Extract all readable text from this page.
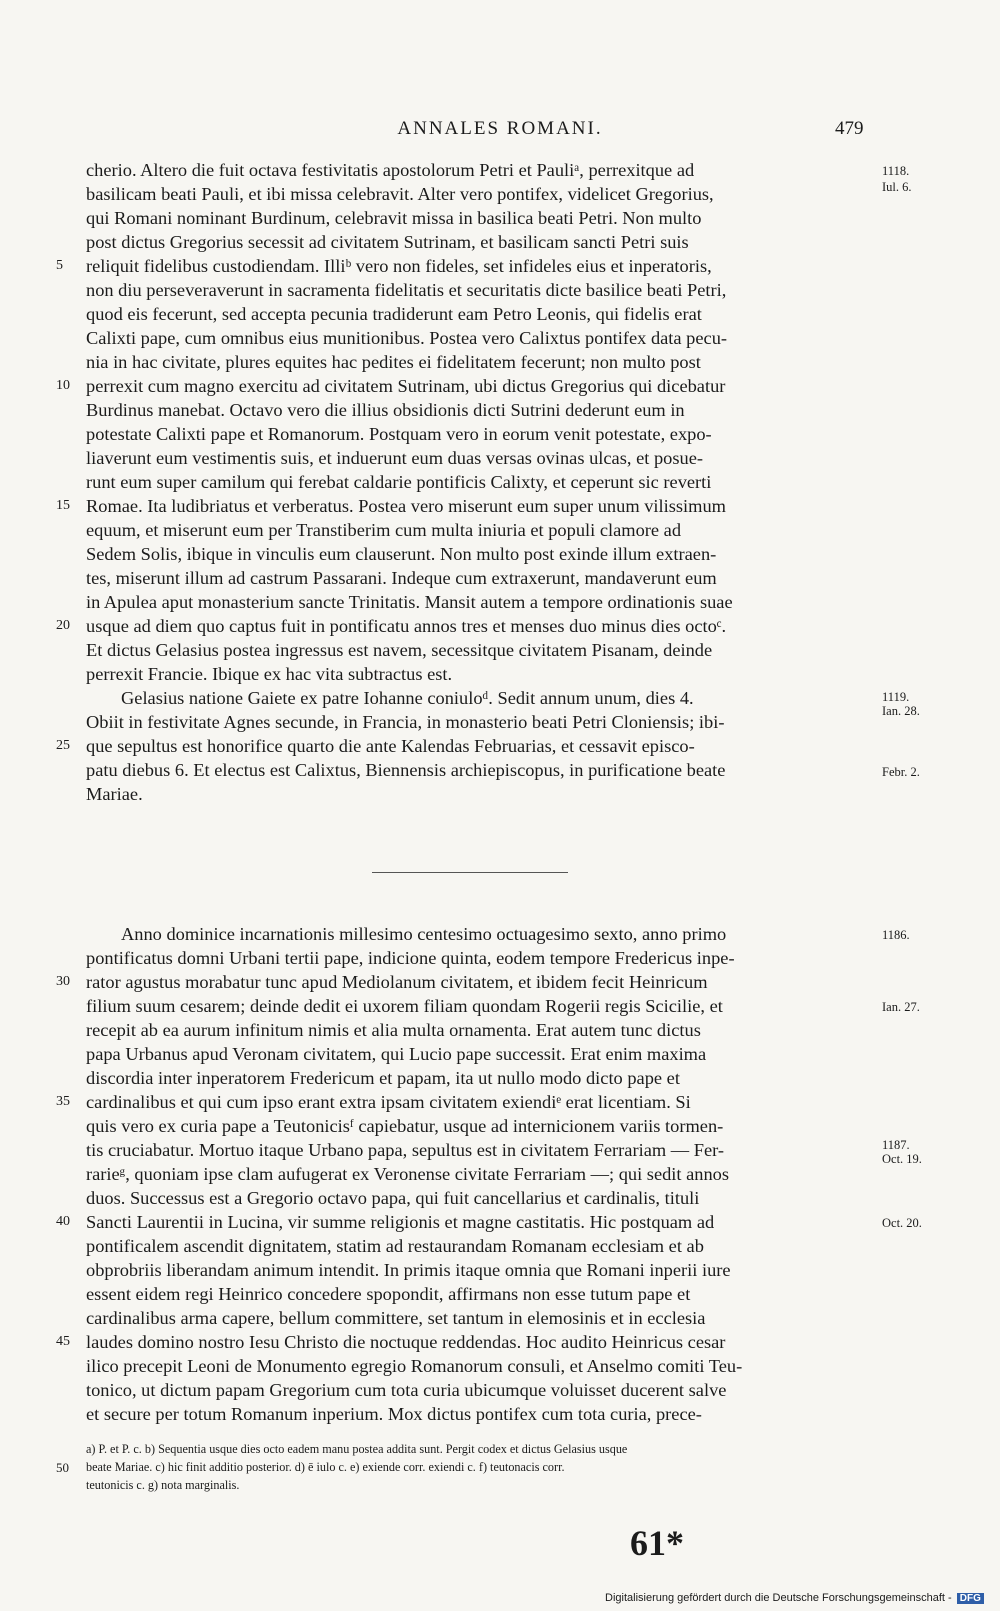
ANNALES ROMANI.	479
cherio. Altero die fuit octava festivitatis apostolorum Petri et Pauliᵃ, perrexitque ad
basilicam beati Pauli, et ibi missa celebravit. Alter vero pontifex, videlicet Gregorius,
qui Romani nominant Burdinum, celebravit missa in basilica beati Petri. Non multo
post dictus Gregorius secessit ad civitatem Sutrinam, et basilicam sancti Petri suis
reliquit fidelibus custodiendam. Illiᵇ vero non fideles, set infideles eius et inperatoris,
non diu perseveraverunt in sacramenta fidelitatis et securitatis dicte basilice beati Petri,
quod eis fecerunt, sed accepta pecunia tradiderunt eam Petro Leonis, qui fidelis erat
Calixti pape, cum omnibus eius munitionibus. Postea vero Calixtus pontifex data pecu-
nia in hac civitate, plures equites hac pedites ei fidelitatem fecerunt; non multo post
perrexit cum magno exercitu ad civitatem Sutrinam, ubi dictus Gregorius qui dicebatur
Burdinus manebat. Octavo vero die illius obsidionis dicti Sutrini dederunt eum in
potestate Calixti pape et Romanorum. Postquam vero in eorum venit potestate, expo-
liaverunt eum vestimentis suis, et induerunt eum duas versas ovinas ulcas, et posue-
runt eum super camilum qui ferebat caldarie pontificis Calixty, et ceperunt sic reverti
Romae. Ita ludibriatus et verberatus. Postea vero miserunt eum super unum vilissimum
equum, et miserunt eum per Transtiberim cum multa iniuria et populi clamore ad
Sedem Solis, ibique in vinculis eum clauserunt. Non multo post exinde illum extraen-
tes, miserunt illum ad castrum Passarani. Indeque cum extraxerunt, mandaverunt eum
in Apulea aput monasterium sancte Trinitatis. Mansit autem a tempore ordinationis suae
usque ad diem quo captus fuit in pontificatu annos tres et menses duo minus dies octoᶜ.
Et dictus Gelasius postea ingressus est navem, secessitque civitatem Pisanam, deinde
perrexit Francie. Ibique ex hac vita subtractus est.
Gelasius natione Gaiete ex patre Iohanne coniuloᵈ. Sedit annum unum, dies 4.
Obiit in festivitate Agnes secunde, in Francia, in monasterio beati Petri Cloniensis; ibi-
que sepultus est honorifice quarto die ante Kalendas Februarias, et cessavit episco-
patu diebus 6. Et electus est Calixtus, Biennensis archiepiscopus, in purificatione beate
Mariae.
Anno dominice incarnationis millesimo centesimo octuagesimo sexto, anno primo
pontificatus domni Urbani tertii pape, indicione quinta, eodem tempore Fredericus inpe-
rator agustus morabatur tunc apud Mediolanum civitatem, et ibidem fecit Heinricum
filium suum cesarem; deinde dedit ei uxorem filiam quondam Rogerii regis Scicilie, et
recepit ab ea aurum infinitum nimis et alia multa ornamenta. Erat autem tunc dictus
papa Urbanus apud Veronam civitatem, qui Lucio pape successit. Erat enim maxima
discordia inter inperatorem Fredericum et papam, ita ut nullo modo dicto pape et
cardinalibus et qui cum ipso erant extra ipsam civitatem exiendiᵉ erat licentiam. Si
quis vero ex curia pape a Teutonicisᶠ capiebatur, usque ad internicionem variis tormen-
tis cruciabatur. Mortuo itaque Urbano papa, sepultus est in civitatem Ferrariam — Fer-
rarieᵍ, quoniam ipse clam aufugerat ex Veronense civitate Ferrariam —; qui sedit annos
duos. Successus est a Gregorio octavo papa, qui fuit cancellarius et cardinalis, tituli
Sancti Laurentii in Lucina, vir summe religionis et magne castitatis. Hic postquam ad
pontificalem ascendit dignitatem, statim ad restaurandam Romanam ecclesiam et ab
obprobriis liberandam animum intendit. In primis itaque omnia que Romani inperii iure
essent eidem regi Heinrico concedere spopondit, affirmans non esse tutum pape et
cardinalibus arma capere, bellum committere, set tantum in elemosinis et in ecclesia
laudes domino nostro Iesu Christo die noctuque reddendas. Hoc audito Heinricus cesar
ilico precepit Leoni de Monumento egregio Romanorum consuli, et Anselmo comiti Teu-
tonico, ut dictum papam Gregorium cum tota curia ubicumque voluisset ducerent salve
et secure per totum Romanum inperium. Mox dictus pontifex cum tota curia, prece-
5
10
15
20
25
30
35
40
45
1118.
Iul. 6.
1119.
Ian. 28.
Febr. 2.
1186.
Ian. 27.
1187.
Oct. 19.
Oct. 20.
a) P. et P. c. b) Sequentia usque dies octo eadem manu postea addita sunt. Pergit codex et dictus Gelasius usque
50	beate Mariae. c) hic finit additio posterior. d) ē iulo c. e) exiende corr. exiendi c. f) teutonacis corr.
teutonicis c. g) nota marginalis.
61*
Digitalisierung gefördert durch die Deutsche Forschungsgemeinschaft - DFG
